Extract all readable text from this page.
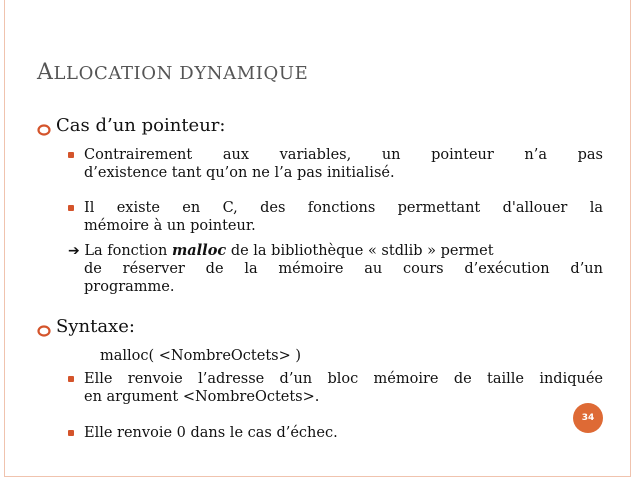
ALLOCATION DYNAMIQUE
Cas d’un pointeur:
Contrairement aux variables, un pointeur n’a pas
d’existence tant qu’on ne l’a pas initialisé.
Il existe en C, des fonctions permettant d'allouer la
mémoire à un pointeur.
➔ La fonction malloc de la bibliothèque « stdlib » permet
de réserver de la mémoire au cours d’exécution d’un
programme.
Syntaxe:
malloc( <NombreOctets> )
Elle renvoie l’adresse d’un bloc mémoire de taille indiquée
en argument <NombreOctets>.
Elle renvoie 0 dans le cas d’échec.
34
